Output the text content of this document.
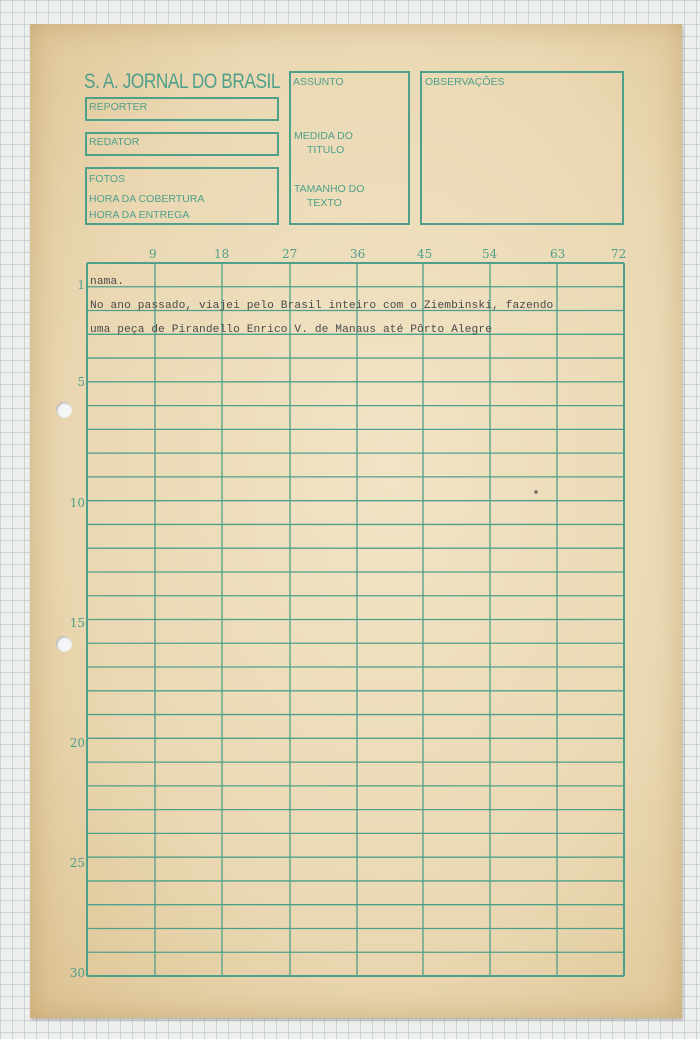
S. A. JORNAL DO BRASIL
REPORTER
REDATOR
FOTOS
HORA DA COBERTURA
HORA DA ENTREGA
ASSUNTO
MEDIDA DO
TITULO
TAMANHO DO
TEXTO
OBSERVAÇÕES
9	18	27	36	45	54	63	72
1
5
10
15
20
25
30
nama.
No ano passado, viajei pelo Brasil inteiro com o Ziembinski, fazendo
uma peça de Pirandello Enrico V. de Manaus até Pôrto Alegre
